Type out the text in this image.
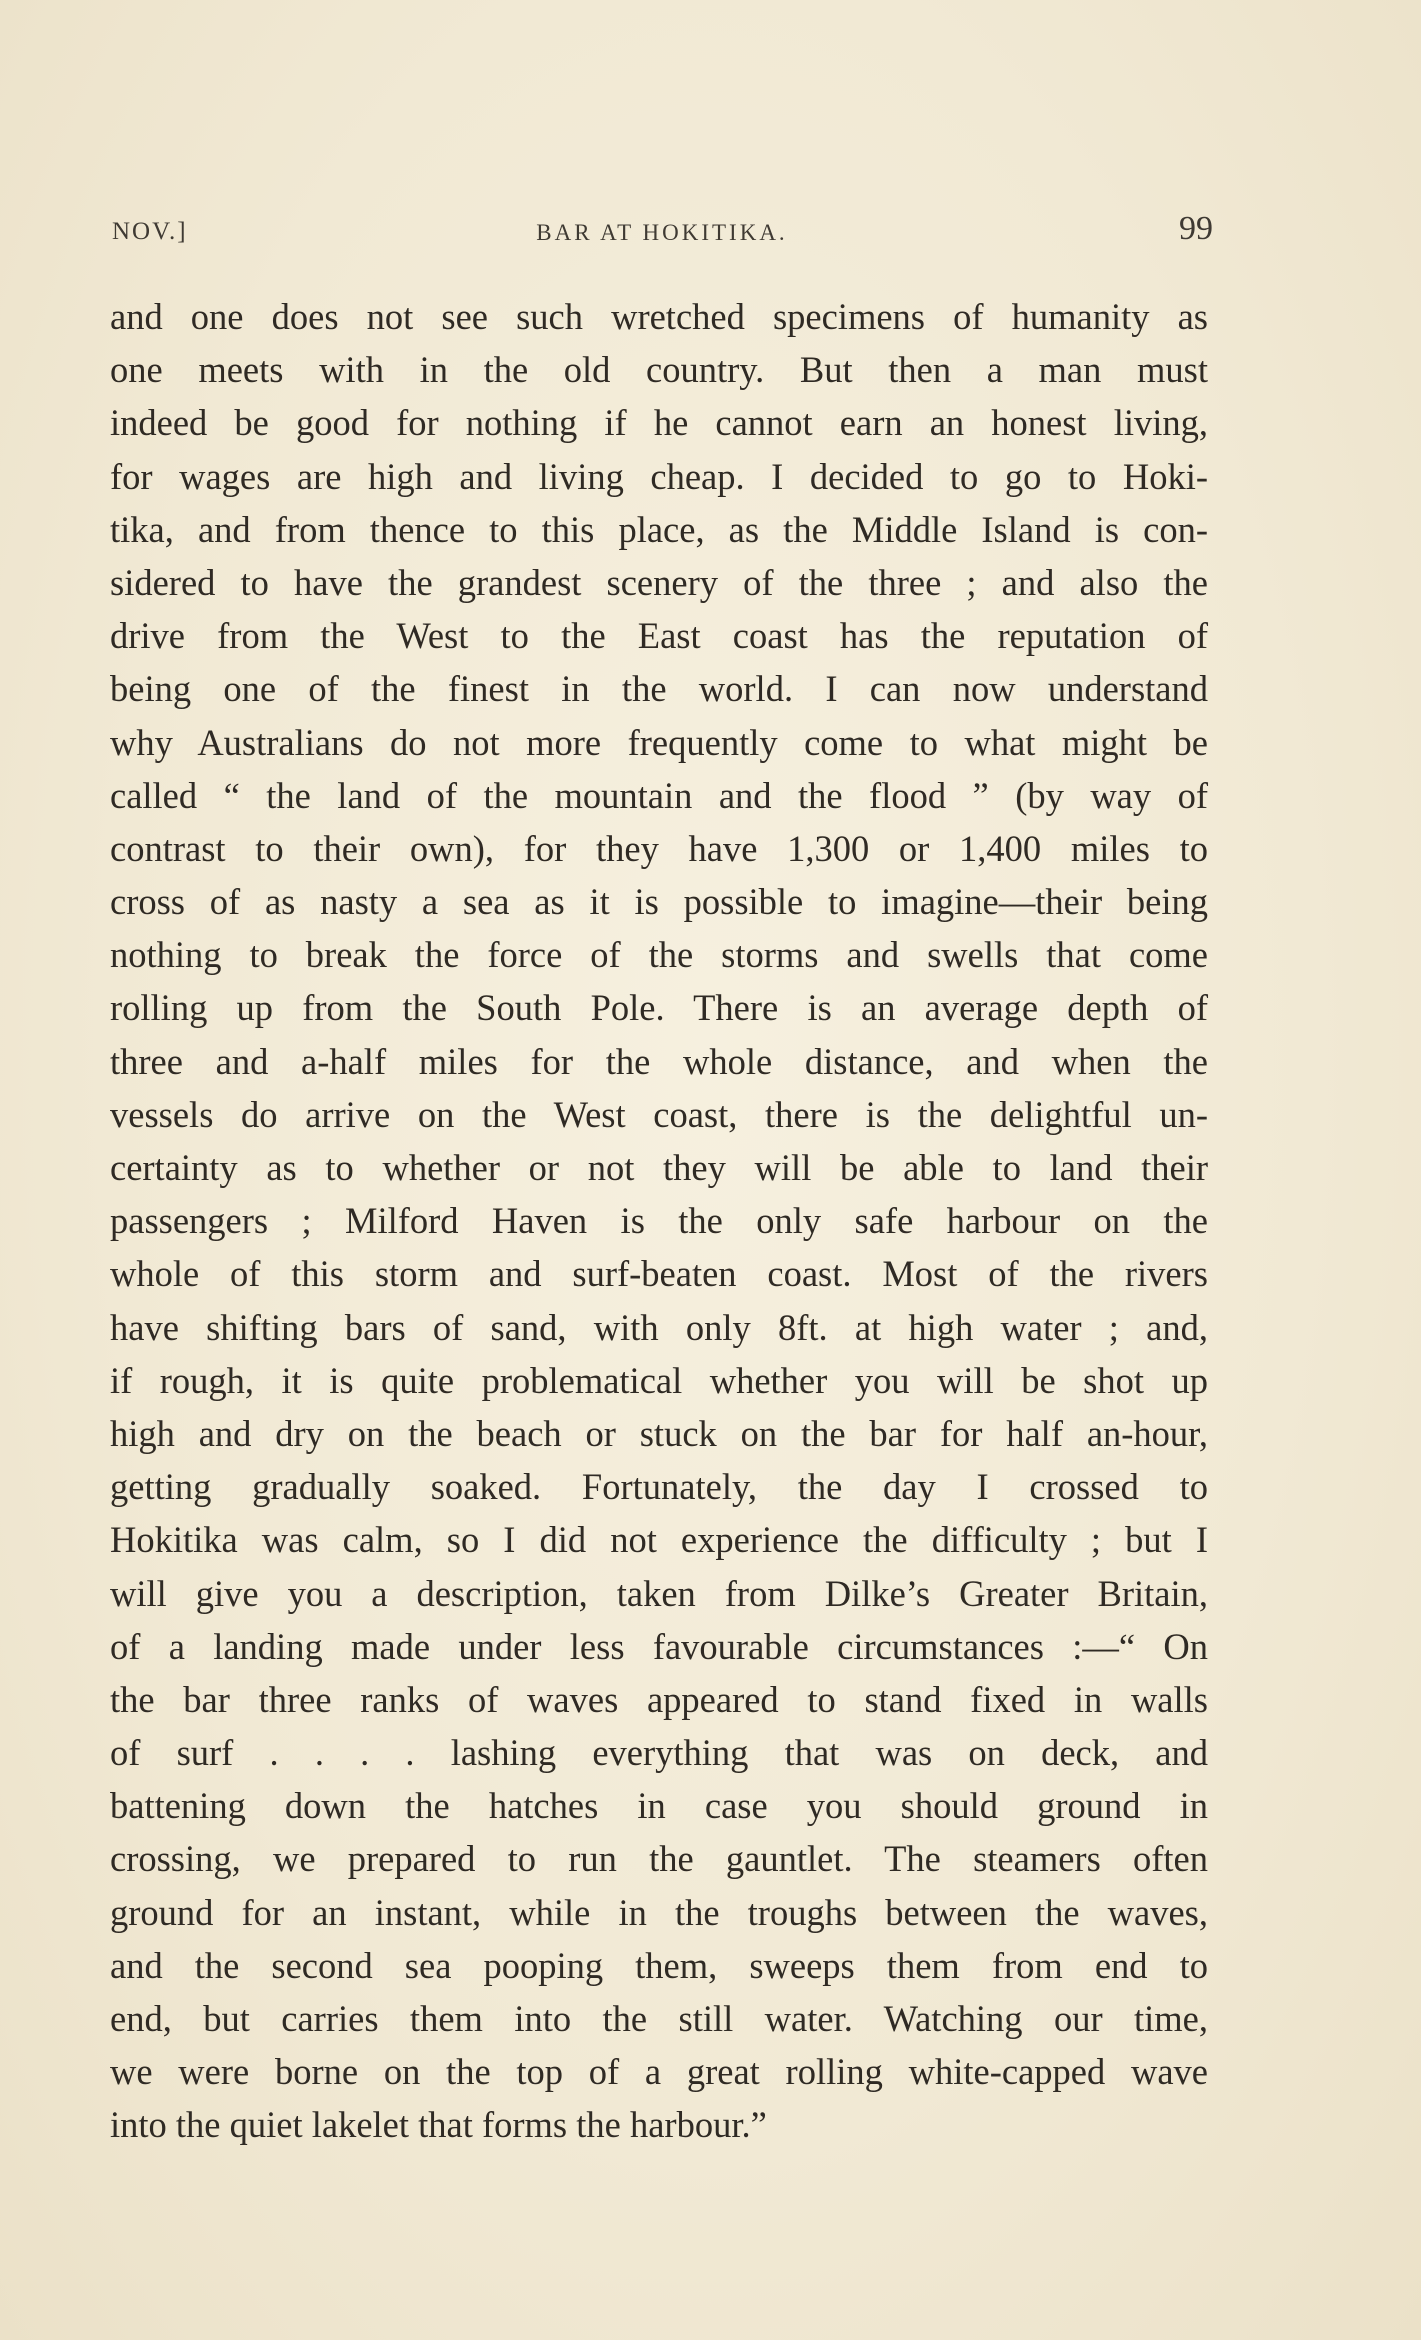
NOV.]	BAR AT HOKITIKA.	99
and one does not see such wretched specimens of humanity as
one meets with in the old country. But then a man must
indeed be good for nothing if he cannot earn an honest living,
for wages are high and living cheap. I decided to go to Hoki-
tika, and from thence to this place, as the Middle Island is con-
sidered to have the grandest scenery of the three ; and also the
drive from the West to the East coast has the reputation of
being one of the finest in the world. I can now understand
why Australians do not more frequently come to what might be
called “ the land of the mountain and the flood ” (by way of
contrast to their own), for they have 1,300 or 1,400 miles to
cross of as nasty a sea as it is possible to imagine—their being
nothing to break the force of the storms and swells that come
rolling up from the South Pole. There is an average depth of
three and a-half miles for the whole distance, and when the
vessels do arrive on the West coast, there is the delightful un-
certainty as to whether or not they will be able to land their
passengers ; Milford Haven is the only safe harbour on the
whole of this storm and surf-beaten coast. Most of the rivers
have shifting bars of sand, with only 8ft. at high water ; and,
if rough, it is quite problematical whether you will be shot up
high and dry on the beach or stuck on the bar for half an-hour,
getting gradually soaked. Fortunately, the day I crossed to
Hokitika was calm, so I did not experience the difficulty ; but I
will give you a description, taken from Dilke’s Greater Britain,
of a landing made under less favourable circumstances :—“ On
the bar three ranks of waves appeared to stand fixed in walls
of surf . . . . lashing everything that was on deck, and
battening down the hatches in case you should ground in
crossing, we prepared to run the gauntlet. The steamers often
ground for an instant, while in the troughs between the waves,
and the second sea pooping them, sweeps them from end to
end, but carries them into the still water. Watching our time,
we were borne on the top of a great rolling white-capped wave
into the quiet lakelet that forms the harbour.”
